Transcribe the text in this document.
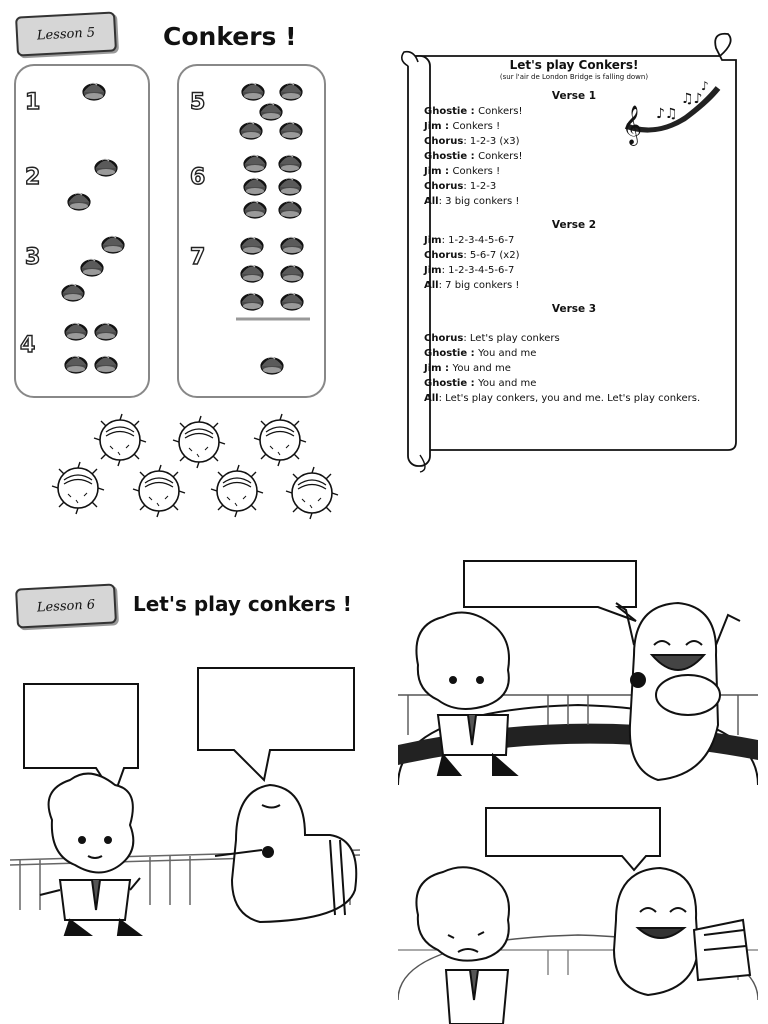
Lesson 5	Conkers !
1
2
3
4
5
6
7
𝄞 ♪♫
♫♪
♪
Let's play Conkers!
(sur l'air de London Bridge is falling down)
Verse 1
Ghostie : Conkers!
Jim : Conkers !
Chorus: 1-2-3 (x3)
Ghostie : Conkers!
Jim : Conkers !
Chorus: 1-2-3
All: 3 big conkers !
Verse 2
Jim: 1-2-3-4-5-6-7
Chorus: 5-6-7 (x2)
Jim: 1-2-3-4-5-6-7
All: 7 big conkers !
Verse 3
Chorus: Let's play conkers
Ghostie : You and me
Jim : You and me
Ghostie : You and me
All: Let's play conkers, you and me. Let's play conkers.
Lesson 6 Let's play conkers !
